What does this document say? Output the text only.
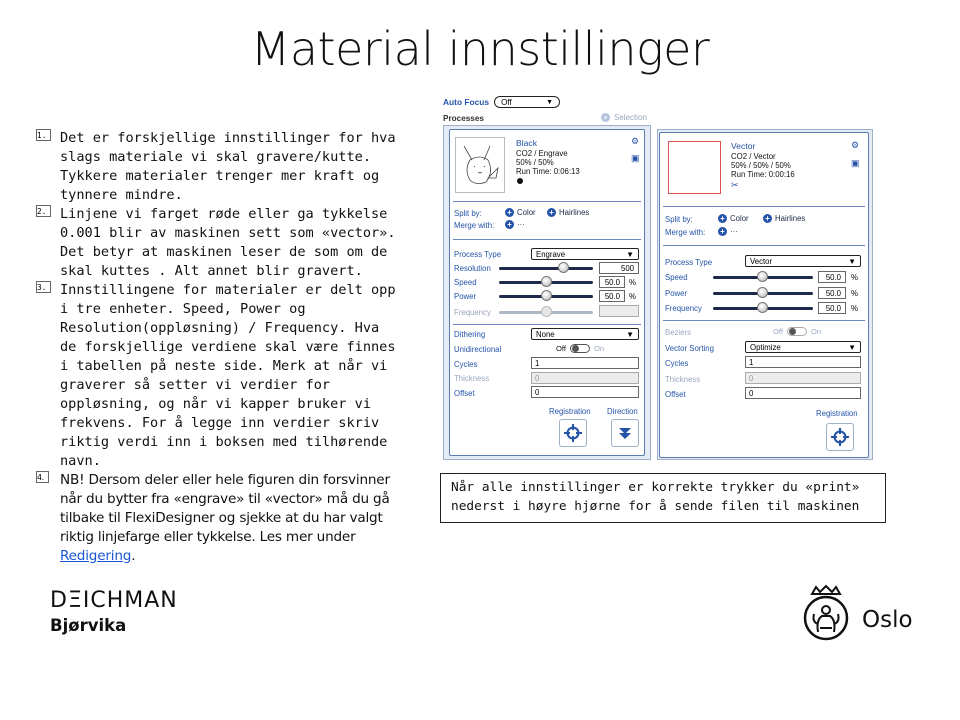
Material innstillinger
1.	Det er forskjellige innstillinger for hva slags materiale vi skal gravere/kutte. Tykkere materialer trenger mer kraft og tynnere mindre.
2.	Linjene vi farget røde eller ga tykkelse 0.001 blir av maskinen sett som «vector». Det betyr at maskinen leser de som om de skal kuttes . Alt annet blir gravert.
3.	Innstillingene for materialer er delt opp i tre enheter. Speed, Power og Resolution(oppløsning) / Frequency. Hva de forskjellige verdiene skal være finnes i tabellen på neste side. Merk at når vi graverer så setter vi verdier for oppløsning, og når vi kapper bruker vi frekvens. For å legge inn verdier skriv riktig verdi inn i boksen med tilhørende navn.
4.	NB! Dersom deler eller hele figuren din forsvinner når du bytter fra «engrave» til «vector» må du gå tilbake til FlexiDesigner og sjekke at du har valgt riktig linjefarge eller tykkelse. Les mer under Redigering.
Auto Focus Off	▼
Processes	+ Selection
Black
CO2 / Engrave
50% / 50%
Run Time: 0:06:13
⚙
▣
Split by:	+ Color + Hairlines
Merge with: + ···
Process Type	Engrave	▼
Resolution	500
Speed	50.0	%
Power	50.0	%
Frequency
Dithering	None	▼
Unidirectional	Off	On
Cycles	1
Thickness	0
Offset	0
Registration Direction
Vector
CO2 / Vector
50% / 50% / 50%
Run Time: 0:00:16
✂
⚙
▣
Split by:	+ Color + Hairlines
Merge with: + ···
Process Type	Vector	▼
Speed	50.0	%
Power	50.0	%
Frequency	50.0	%
Beziers	Off	On
Vector Sorting	Optimize	▼
Cycles	1
Thickness	0
Offset	0
Registration
Når alle innstillinger er korrekte trykker du «print» nederst i høyre hjørne for å sende filen til maskinen
DΞICHMAN
Bjørvika	Oslo
